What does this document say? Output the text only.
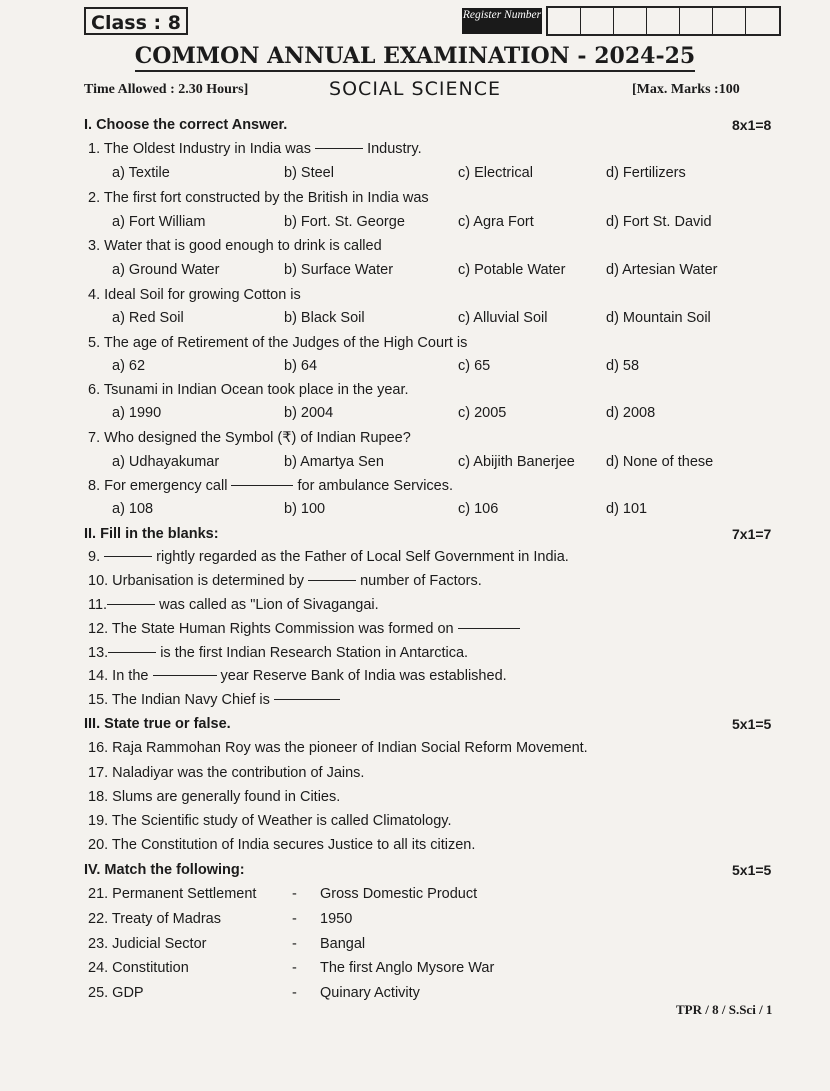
Class : 8	Register Number
COMMON ANNUAL EXAMINATION - 2024-25
Time Allowed : 2.30 Hours]	SOCIAL SCIENCE	[Max. Marks :100
I. Choose the correct Answer.	8x1=8
1. The Oldest Industry in India was	Industry.
a) Textile	b) Steel	c) Electrical	d) Fertilizers
2. The first fort constructed by the British in India was
a) Fort William	b) Fort. St. George	c) Agra Fort	d) Fort St. David
3. Water that is good enough to drink is called
a) Ground Water	b) Surface Water	c) Potable Water	d) Artesian Water
4. Ideal Soil for growing Cotton is
a) Red Soil	b) Black Soil	c) Alluvial Soil	d) Mountain Soil
5. The age of Retirement of the Judges of the High Court is
a) 62	b) 64	c) 65	d) 58
6. Tsunami in Indian Ocean took place in the year.
a) 1990	b) 2004	c) 2005	d) 2008
7. Who designed the Symbol (₹) of Indian Rupee?
a) Udhayakumar	b) Amartya Sen	c) Abijith Banerjee d) None of these
8. For emergency call	for ambulance Services.
a) 108	b) 100	c) 106	d) 101
II. Fill in the blanks:	7x1=7
9.	rightly regarded as the Father of Local Self Government in India.
10. Urbanisation is determined by	number of Factors.
11.	was called as "Lion of Sivagangai.
12. The State Human Rights Commission was formed on
13.	is the first Indian Research Station in Antarctica.
14. In the	year Reserve Bank of India was established.
15. The Indian Navy Chief is
III. State true or false.	5x1=5
16. Raja Rammohan Roy was the pioneer of Indian Social Reform Movement.
17. Naladiyar was the contribution of Jains.
18. Slums are generally found in Cities.
19. The Scientific study of Weather is called Climatology.
20. The Constitution of India secures Justice to all its citizen.
IV. Match the following:	5x1=5
21. Permanent Settlement - Gross Domestic Product
22. Treaty of Madras	- 1950
23. Judicial Sector	- Bangal
24. Constitution	- The first Anglo Mysore War
25. GDP	- Quinary Activity
TPR / 8 / S.Sci / 1
